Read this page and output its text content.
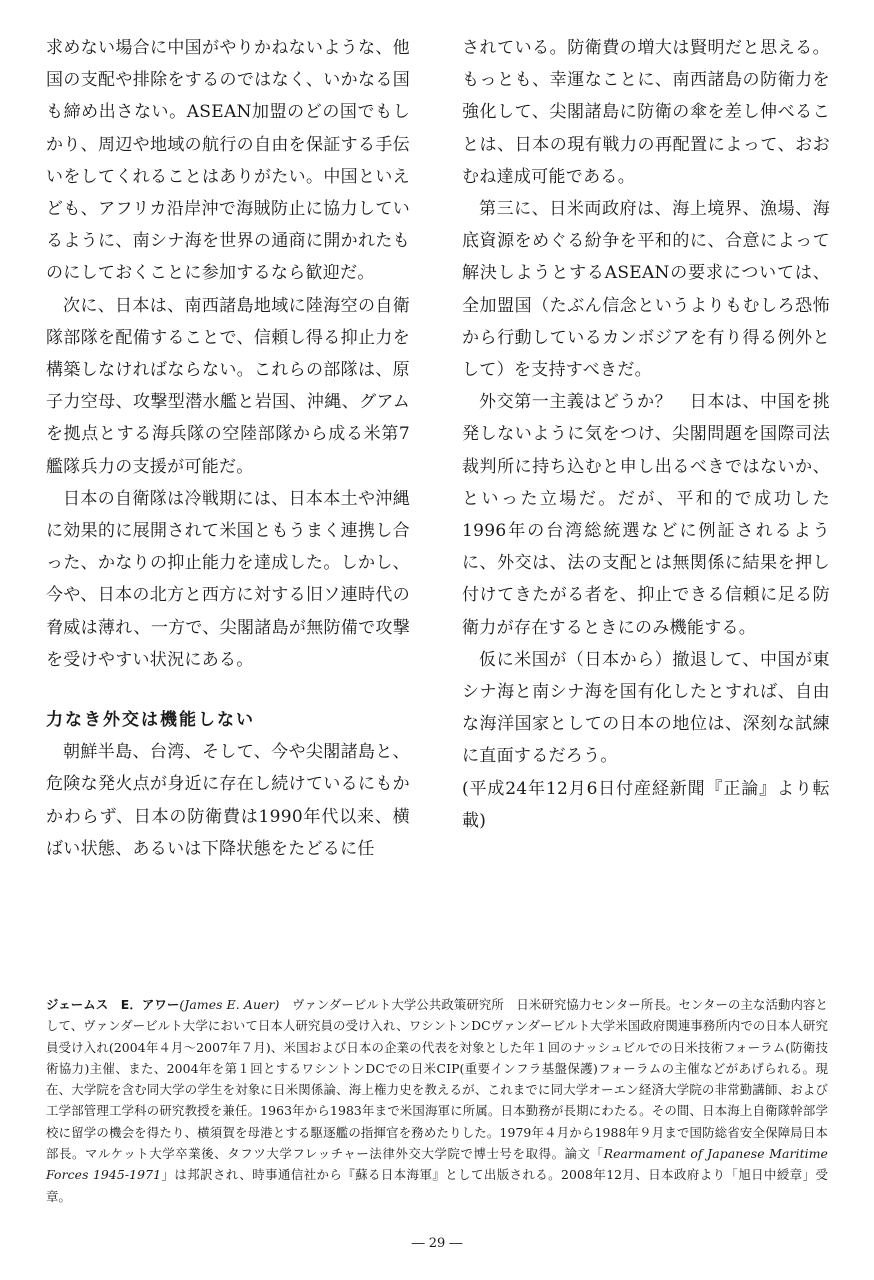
求めない場合に中国がやりかねないような、他国の支配や排除をするのではなく、いかなる国も締め出さない。ASEAN加盟のどの国でもしかり、周辺や地域の航行の自由を保証する手伝いをしてくれることはありがたい。中国といえども、アフリカ沿岸沖で海賊防止に協力しているように、南シナ海を世界の通商に開かれたものにしておくことに参加するなら歓迎だ。

次に、日本は、南西諸島地域に陸海空の自衛隊部隊を配備することで、信頼し得る抑止力を構築しなければならない。これらの部隊は、原子力空母、攻撃型潜水艦と岩国、沖縄、グアムを拠点とする海兵隊の空陸部隊から成る米第7艦隊兵力の支援が可能だ。

日本の自衛隊は冷戦期には、日本本土や沖縄に効果的に展開されて米国ともうまく連携し合った、かなりの抑止能力を達成した。しかし、今や、日本の北方と西方に対する旧ソ連時代の脅威は薄れ、一方で、尖閣諸島が無防備で攻撃を受けやすい状況にある。

力なき外交は機能しない

朝鮮半島、台湾、そして、今や尖閣諸島と、危険な発火点が身近に存在し続けているにもかかわらず、日本の防衛費は1990年代以来、横ばい状態、あるいは下降状態をたどるに任

されている。防衛費の増大は賢明だと思える。もっとも、幸運なことに、南西諸島の防衛力を強化して、尖閣諸島に防衛の傘を差し伸べることは、日本の現有戦力の再配置によって、おおむね達成可能である。

第三に、日米両政府は、海上境界、漁場、海底資源をめぐる紛争を平和的に、合意によって解決しようとするASEANの要求については、全加盟国（たぶん信念というよりもむしろ恐怖から行動しているカンボジアを有り得る例外として）を支持すべきだ。

外交第一主義はどうか？　日本は、中国を挑発しないように気をつけ、尖閣問題を国際司法裁判所に持ち込むと申し出るべきではないか、といった立場だ。だが、平和的で成功した1996年の台湾総統選などに例証されるように、外交は、法の支配とは無関係に結果を押し付けてきたがる者を、抑止できる信頼に足る防衛力が存在するときにのみ機能する。

仮に米国が（日本から）撤退して、中国が東シナ海と南シナ海を国有化したとすれば、自由な海洋国家としての日本の地位は、深刻な試練に直面するだろう。

(平成24年12月6日付産経新聞『正論』より転載)

ジェームス　E．アワー(James E. Auer)　ヴァンダービルト大学公共政策研究所　日米研究協力センター所長。センターの主な活動内容として、ヴァンダービルト大学において日本人研究員の受け入れ、ワシントンDCヴァンダービルト大学米国政府関連事務所内での日本人研究員受け入れ(2004年４月〜2007年７月)、米国および日本の企業の代表を対象とした年１回のナッシュビルでの日米技術フォーラム(防衛技術協力)主催、また、2004年を第１回とするワシントンDCでの日米CIP(重要インフラ基盤保護)フォーラムの主催などがあげられる。現在、大学院を含む同大学の学生を対象に日米関係論、海上権力史を教えるが、これまでに同大学オーエン経済大学院の非常勤講師、および工学部管理工学科の研究教授を兼任。1963年から1983年まで米国海軍に所属。日本勤務が長期にわたる。その間、日本海上自衛隊幹部学校に留学の機会を得たり、横須賀を母港とする駆逐艦の指揮官を務めたりした。1979年４月から1988年９月まで国防総省安全保障局日本部長。マルケット大学卒業後、タフツ大学フレッチャー法律外交大学院で博士号を取得。論文「Rearmament of Japanese Maritime Forces 1945-1971」は邦訳され、時事通信社から『蘇る日本海軍』として出版される。2008年12月、日本政府より「旭日中綬章」受章。
― 29 ―
